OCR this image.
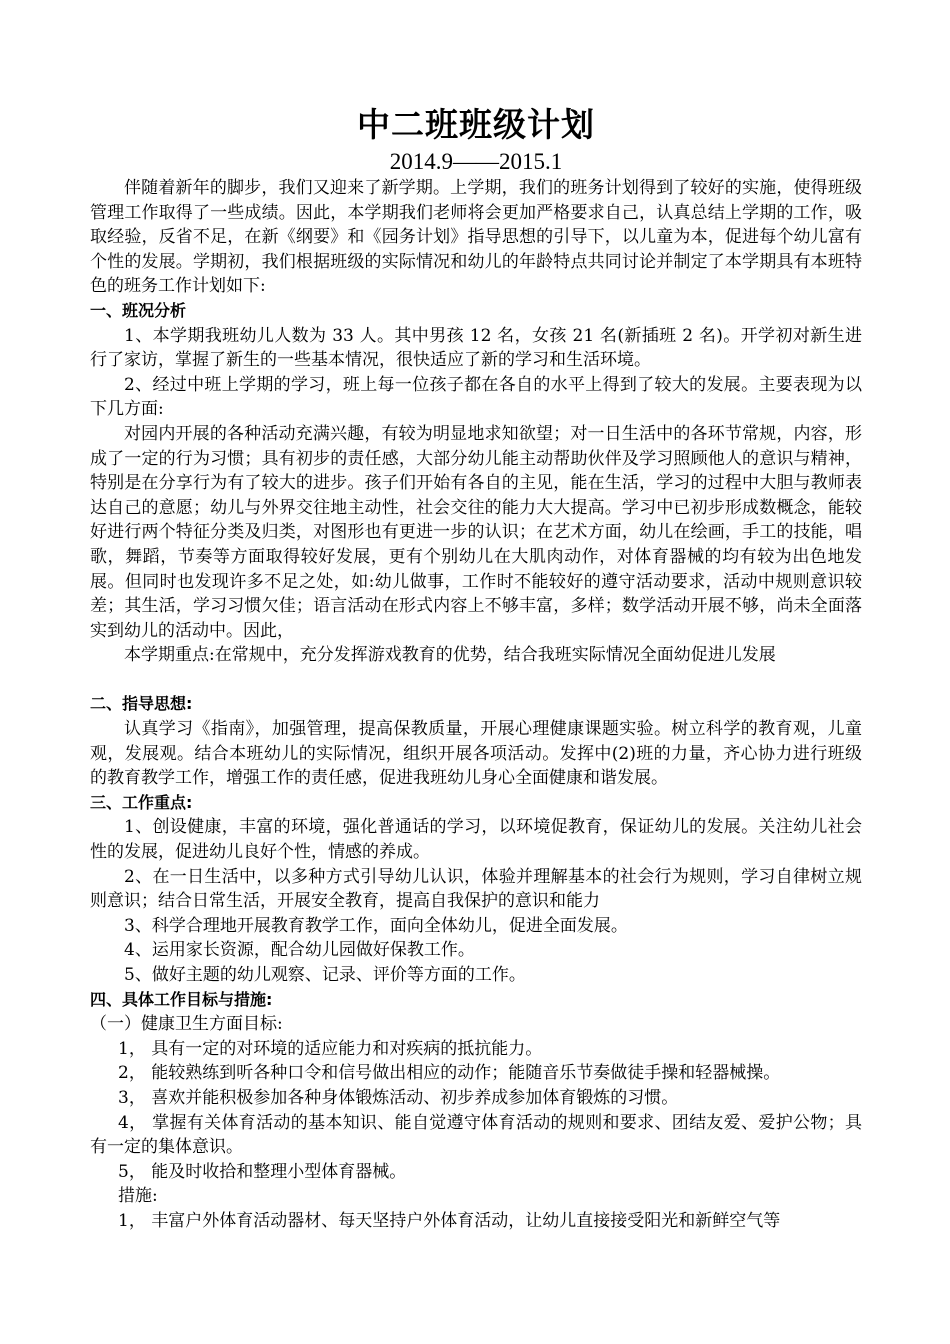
中二班班级计划
2014.9——2015.1

伴随着新年的脚步，我们又迎来了新学期。上学期，我们的班务计划得到了较好的实施，使得班级管理工作取得了一些成绩。因此，本学期我们老师将会更加严格要求自己，认真总结上学期的工作，吸取经验，反省不足，在新《纲要》和《园务计划》指导思想的引导下，以儿童为本，促进每个幼儿富有个性的发展。学期初，我们根据班级的实际情况和幼儿的年龄特点共同讨论并制定了本学期具有本班特色的班务工作计划如下:

一、班况分析

1、本学期我班幼儿人数为 33 人。其中男孩 12 名，女孩 21 名(新插班 2 名)。开学初对新生进行了家访，掌握了新生的一些基本情况，很快适应了新的学习和生活环境。

2、经过中班上学期的学习，班上每一位孩子都在各自的水平上得到了较大的发展。主要表现为以下几方面:

对园内开展的各种活动充满兴趣，有较为明显地求知欲望；对一日生活中的各环节常规，内容，形成了一定的行为习惯；具有初步的责任感，大部分幼儿能主动帮助伙伴及学习照顾他人的意识与精神，特别是在分享行为有了较大的进步。孩子们开始有各自的主见，能在生活，学习的过程中大胆与教师表达自己的意愿；幼儿与外界交往地主动性，社会交往的能力大大提高。学习中已初步形成数概念，能较好进行两个特征分类及归类，对图形也有更进一步的认识；在艺术方面，幼儿在绘画，手工的技能，唱歌，舞蹈，节奏等方面取得较好发展，更有个别幼儿在大肌肉动作，对体育器械的均有较为出色地发展。但同时也发现许多不足之处，如:幼儿做事，工作时不能较好的遵守活动要求，活动中规则意识较差；其生活，学习习惯欠佳；语言活动在形式内容上不够丰富，多样；数学活动开展不够，尚未全面落实到幼儿的活动中。因此，

本学期重点:在常规中，充分发挥游戏教育的优势，结合我班实际情况全面幼促进儿发展

二、指导思想:

认真学习《指南》，加强管理，提高保教质量，开展心理健康课题实验。树立科学的教育观，儿童观，发展观。结合本班幼儿的实际情况，组织开展各项活动。发挥中(2)班的力量，齐心协力进行班级的教育教学工作，增强工作的责任感，促进我班幼儿身心全面健康和谐发展。

三、工作重点:

1、创设健康，丰富的环境，强化普通话的学习，以环境促教育，保证幼儿的发展。关注幼儿社会性的发展，促进幼儿良好个性，情感的养成。

2、在一日生活中，以多种方式引导幼儿认识，体验并理解基本的社会行为规则，学习自律树立规则意识；结合日常生活，开展安全教育，提高自我保护的意识和能力

3、科学合理地开展教育教学工作，面向全体幼儿，促进全面发展。

4、运用家长资源，配合幼儿园做好保教工作。

5、做好主题的幼儿观察、记录、评价等方面的工作。

四、具体工作目标与措施:

（一）健康卫生方面目标:

1， 具有一定的对环境的适应能力和对疾病的抵抗能力。

2， 能较熟练到听各种口令和信号做出相应的动作；能随音乐节奏做徒手操和轻器械操。

3， 喜欢并能积极参加各种身体锻炼活动、初步养成参加体育锻炼的习惯。

4， 掌握有关体育活动的基本知识、能自觉遵守体育活动的规则和要求、团结友爱、爱护公物；具有一定的集体意识。

5， 能及时收拾和整理小型体育器械。

措施:

1， 丰富户外体育活动器材、每天坚持户外体育活动，让幼儿直接接受阳光和新鲜空气等
